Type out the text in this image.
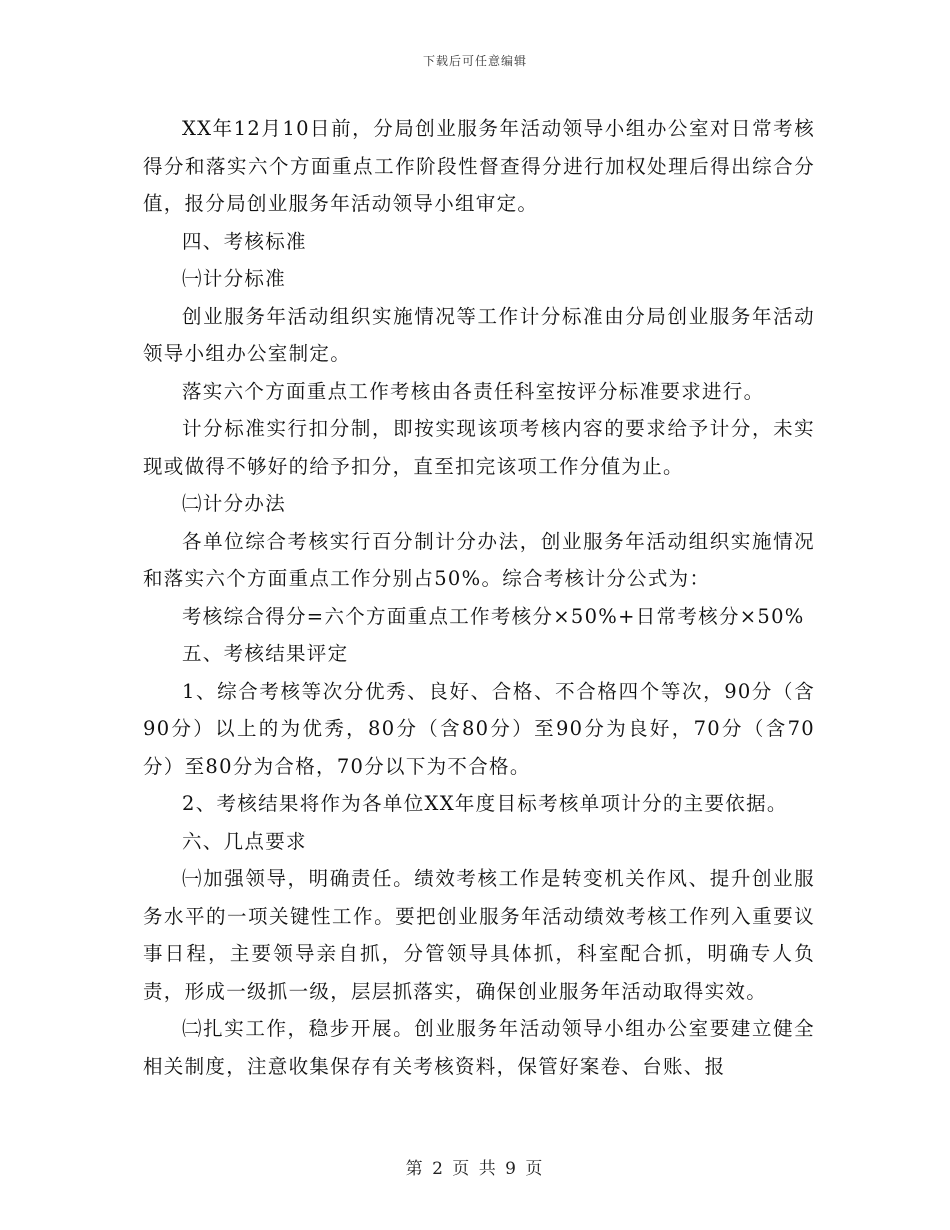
下载后可任意编辑

XX年12月10日前，分局创业服务年活动领导小组办公室对日常考核得分和落实六个方面重点工作阶段性督查得分进行加权处理后得出综合分值，报分局创业服务年活动领导小组审定。

四、考核标准

㈠计分标准

创业服务年活动组织实施情况等工作计分标准由分局创业服务年活动领导小组办公室制定。

落实六个方面重点工作考核由各责任科室按评分标准要求进行。

计分标准实行扣分制，即按实现该项考核内容的要求给予计分，未实现或做得不够好的给予扣分，直至扣完该项工作分值为止。

㈡计分办法

各单位综合考核实行百分制计分办法，创业服务年活动组织实施情况和落实六个方面重点工作分别占50%。综合考核计分公式为：

考核综合得分=六个方面重点工作考核分×50%+日常考核分×50%

五、考核结果评定

1、综合考核等次分优秀、良好、合格、不合格四个等次，90分（含90分）以上的为优秀，80分（含80分）至90分为良好，70分（含70分）至80分为合格，70分以下为不合格。

2、考核结果将作为各单位XX年度目标考核单项计分的主要依据。

六、几点要求

㈠加强领导，明确责任。绩效考核工作是转变机关作风、提升创业服务水平的一项关键性工作。要把创业服务年活动绩效考核工作列入重要议事日程，主要领导亲自抓，分管领导具体抓，科室配合抓，明确专人负责，形成一级抓一级，层层抓落实，确保创业服务年活动取得实效。

㈡扎实工作，稳步开展。创业服务年活动领导小组办公室要建立健全相关制度，注意收集保存有关考核资料，保管好案卷、台账、报

第 2 页 共 9 页
